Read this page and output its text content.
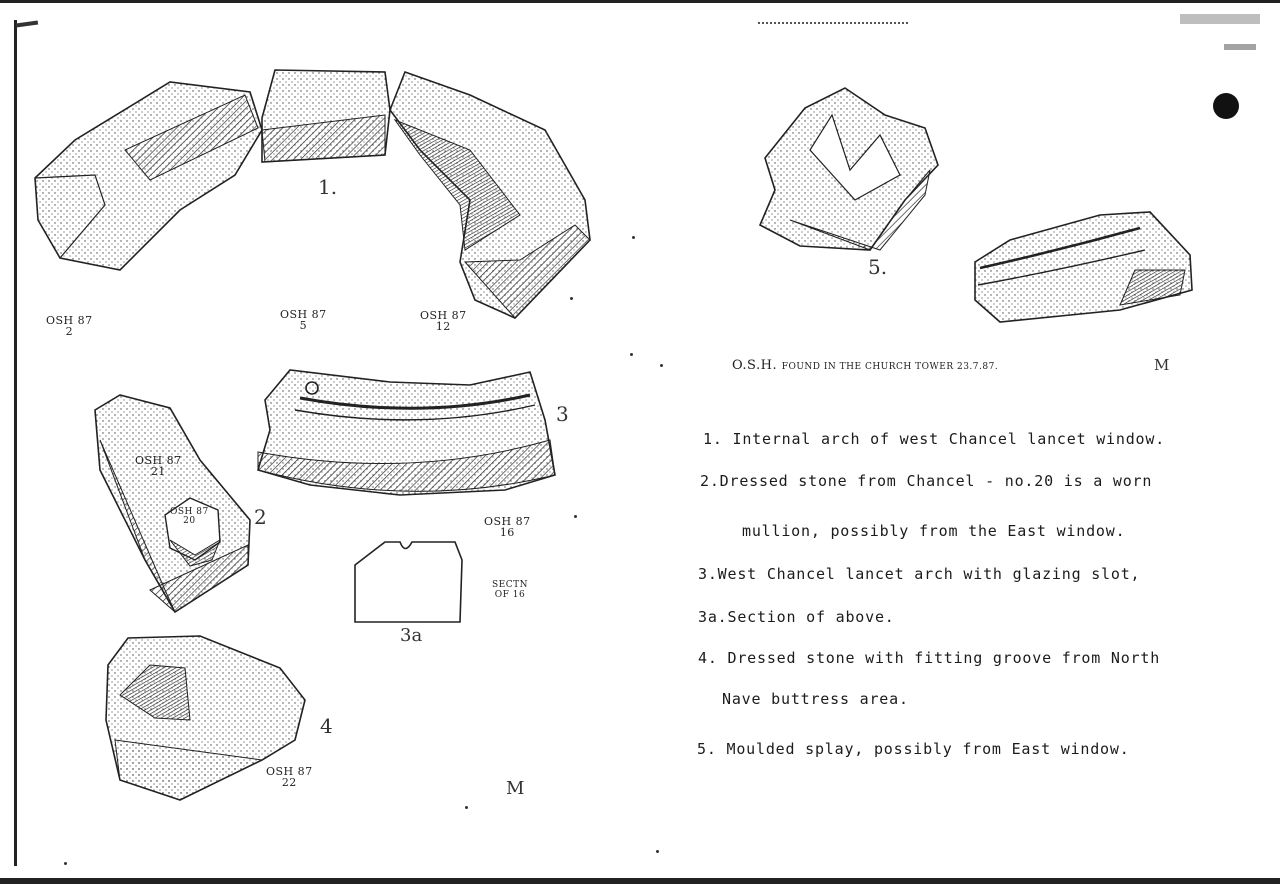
1.
2
3
3a
4
5.
OSH 87
2
OSH 87
5
OSH 87
12
OSH 87
21
OSH 87
20	OSH 87
16
OSH 87
22
SECTN
OF 16
M
M
O.S.H. FOUND IN THE CHURCH TOWER 23.7.87.
1. Internal arch of west Chancel lancet window.
2.Dressed stone from Chancel - no.20 is a worn
mullion, possibly from the East window.
3.West Chancel lancet arch with glazing slot,
3a.Section of above.
4. Dressed stone with fitting groove from North
Nave buttress area.
5. Moulded splay, possibly from East window.
